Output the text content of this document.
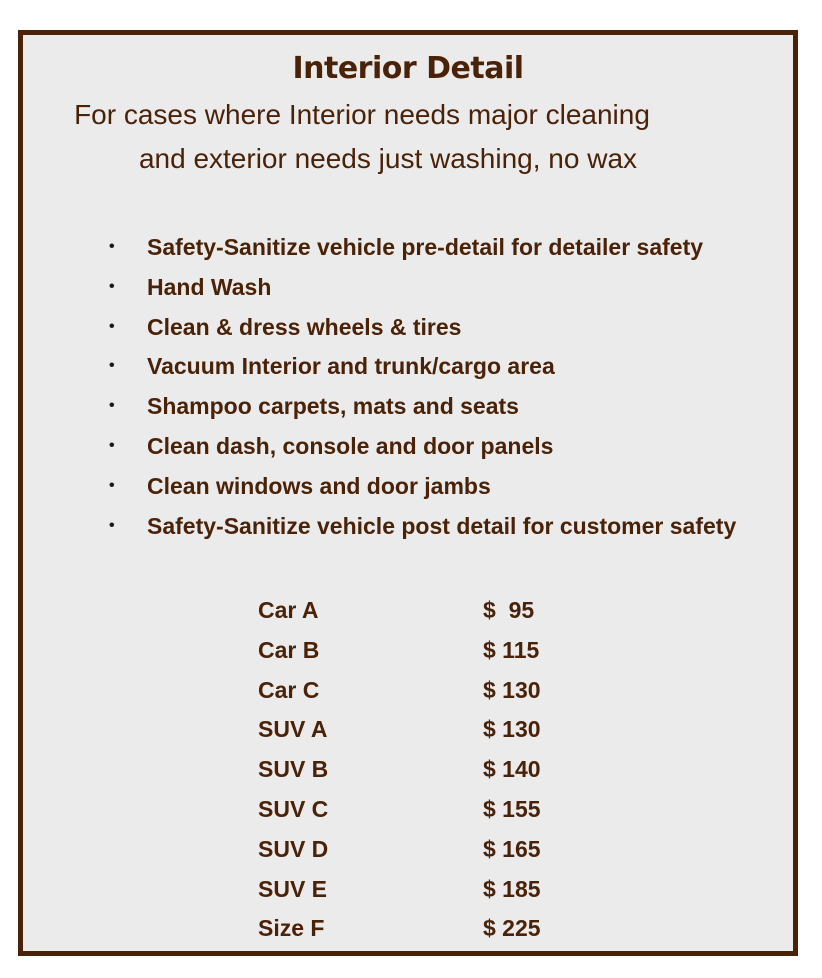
Interior Detail
For cases where Interior needs major cleaning
and exterior needs just washing, no wax
• Safety-Sanitize vehicle pre-detail for detailer safety
• Hand Wash
• Clean & dress wheels & tires
• Vacuum Interior and trunk/cargo area
• Shampoo carpets, mats and seats
• Clean dash, console and door panels
• Clean windows and door jambs
• Safety-Sanitize vehicle post detail for customer safety
Car A	$  95
Car B	$ 115
Car C	$ 130
SUV A	$ 130
SUV B	$ 140
SUV C	$ 155
SUV D	$ 165
SUV E	$ 185
Size F	$ 225
